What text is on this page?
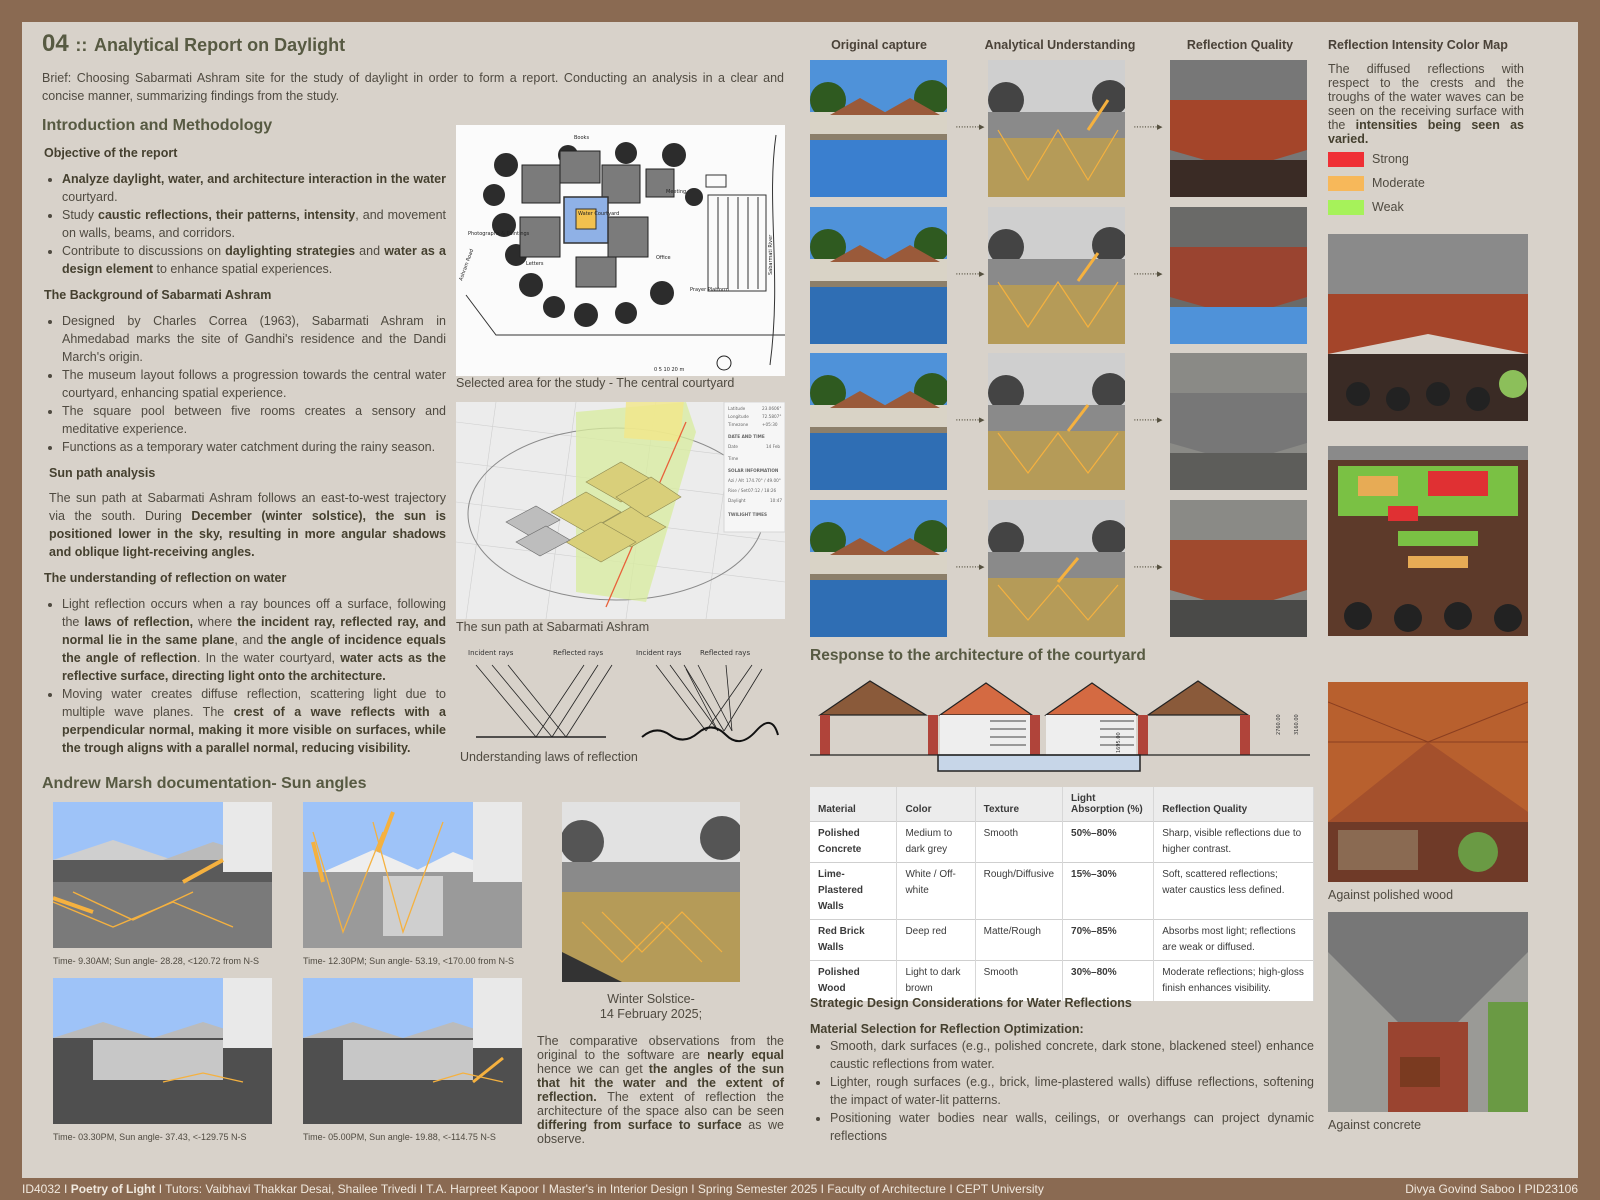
04 :: Analytical Report on Daylight
Brief: Choosing Sabarmati Ashram site for the study of daylight in order to form a report. Conducting an analysis in a clear and concise manner, summarizing findings from the study.
Introduction and Methodology
Objective of the report
• Analyze daylight, water, and architecture interaction in the water courtyard.
• Study caustic reflections, their patterns, intensity, and movement on walls, beams, and corridors.
• Contribute to discussions on daylighting strategies and water as a design element to enhance spatial experiences.
The Background of Sabarmati Ashram
• Designed by Charles Correa (1963), Sabarmati Ashram in Ahmedabad marks the site of Gandhi's residence and the Dandi March's origin.
• The museum layout follows a progression towards the central water courtyard, enhancing spatial experience.
• The square pool between five rooms creates a sensory and meditative experience.
• Functions as a temporary water catchment during the rainy season.
Sun path analysis
The sun path at Sabarmati Ashram follows an east-to-west trajectory via the south. During December (winter solstice), the sun is positioned lower in the sky, resulting in more angular shadows and oblique light-receiving angles.
The understanding of reflection on water
• Light reflection occurs when a ray bounces off a surface, following the laws of reflection, where the incident ray, reflected ray, and normal lie in the same plane, and the angle of incidence equals the angle of reflection. In the water courtyard, water acts as the reflective surface, directing light onto the architecture.
• Moving water creates diffuse reflection, scattering light due to multiple wave planes. The crest of a wave reflects with a perpendicular normal, making it more visible on surfaces, while the trough aligns with a parallel normal, reducing visibility.
Books
Meeting
Photographs & Paintings
Water Courtyard
Letters
Office
Prayer Platform
Sabarmati River
Ashram Road
0 5 10 20 m
Selected area for the study - The central courtyard
Latitude	23.0606°
Longitude	72.5807°
Timezone	+05:30
DATE AND TIME
Date	14 Feb
Time
SOLAR INFORMATION
Azi / Alt 174.70° / 49.00°
Rise / Set 07:12 / 18:26
Daylight	10:47
TWILIGHT TIMES
The sun path at Sabarmati Ashram
Incident rays	Reflected rays	Incident rays	Reflected rays
Understanding laws of reflection
Andrew Marsh documentation- Sun angles
Time- 9.30AM; Sun angle- 28.28, <120.72 from N-S	Time- 12.30PM; Sun angle- 53.19, <170.00 from N-S
Time- 03.30PM, Sun angle- 37.43, <-129.75 N-S	Time- 05.00PM, Sun angle- 19.88, <-114.75 N-S
Winter Solstice-
14 February 2025;
The comparative observations from the original to the software are nearly equal hence we can get the angles of the sun that hit the water and the extent of reflection. The extent of reflection the architecture of the space also can be seen differing from surface to surface as we observe.
Original capture	Analytical Understanding	Reflection Quality	Reflection Intensity Color Map
·········▸	·········▸
·········▸	·········▸
·········▸	·········▸
·········▸	·········▸
The diffused reflections with respect to the crests and the troughs of the water waves can be seen on the receiving surface with the intensities being seen as varied.
Strong
Moderate
Weak
Response to the architecture of the courtyard
2760.00 3160.00
1695.00
Material	Color	Texture	Light Absorption (%)	Reflection Quality
Polished Concrete	Medium to dark grey	Smooth	50%–80%	Sharp, visible reflections due to higher contrast.
Lime-Plastered Walls	White / Off-white	Rough/Diffusive	15%–30%	Soft, scattered reflections; water caustics less defined.
Red Brick Walls	Deep red	Matte/Rough	70%–85%	Absorbs most light; reflections are weak or diffused.
Polished Wood	Light to dark brown	Smooth	30%–80%	Moderate reflections; high-gloss finish enhances visibility.
Strategic Design Considerations for Water Reflections
Material Selection for Reflection Optimization:
• Smooth, dark surfaces (e.g., polished concrete, dark stone, blackened steel) enhance caustic reflections from water.
• Lighter, rough surfaces (e.g., brick, lime-plastered walls) diffuse reflections, softening the impact of water-lit patterns.
• Positioning water bodies near walls, ceilings, or overhangs can project dynamic reflections
Against polished wood
Against concrete
ID4032 I Poetry of Light I Tutors: Vaibhavi Thakkar Desai, Shailee Trivedi I T.A. Harpreet Kapoor I Master's in Interior Design I Spring Semester 2025 I Faculty of Architecture I CEPT University	Divya Govind Saboo I PID23106
